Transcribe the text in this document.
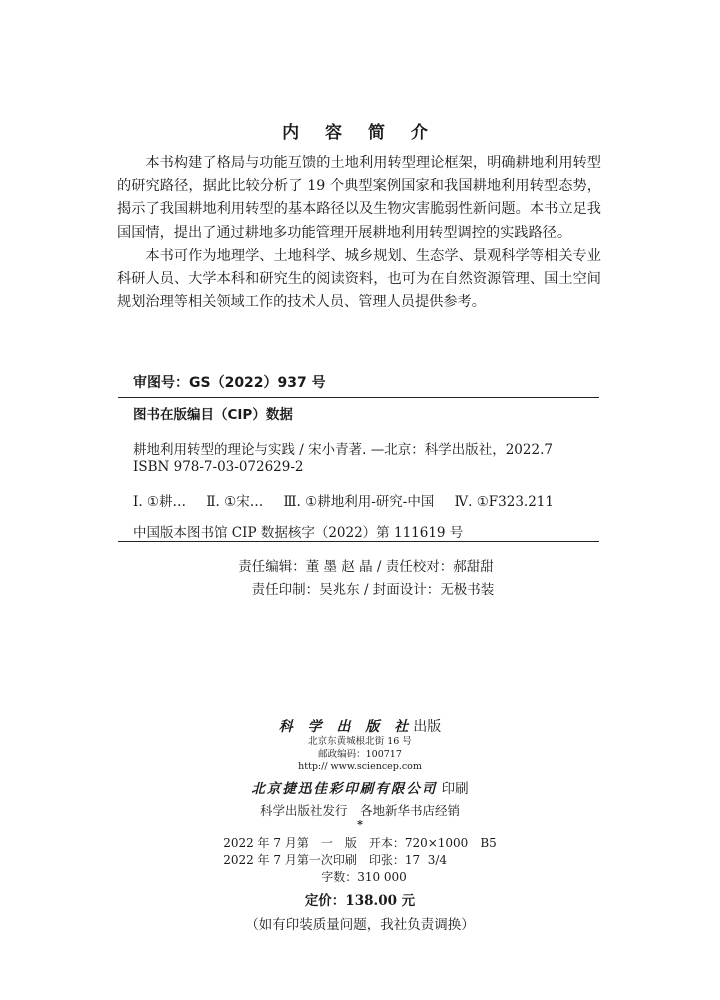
内 容 简 介

本书构建了格局与功能互馈的土地利用转型理论框架，明确耕地利用转型的研究路径，据此比较分析了 19 个典型案例国家和我国耕地利用转型态势，揭示了我国耕地利用转型的基本路径以及生物灾害脆弱性新问题。本书立足我国国情，提出了通过耕地多功能管理开展耕地利用转型调控的实践路径。

本书可作为地理学、土地科学、城乡规划、生态学、景观科学等相关专业科研人员、大学本科和研究生的阅读资料，也可为在自然资源管理、国土空间规划治理等相关领域工作的技术人员、管理人员提供参考。

审图号：GS（2022）937 号
图书在版编目（CIP）数据
耕地利用转型的理论与实践 / 宋小青著. —北京：科学出版社，2022.7
ISBN 978-7-03-072629-2
Ⅰ. ①耕… Ⅱ. ①宋… Ⅲ. ①耕地利用-研究-中国 Ⅳ. ①F323.211
中国版本图书馆 CIP 数据核字（2022）第 111619 号
责任编辑：董 墨 赵 晶 / 责任校对：郝甜甜
责任印制：吴兆东 / 封面设计：无极书装
科 学 出 版 社出版
北京东黄城根北街 16 号
邮政编码：100717
http:// www.sciencep.com
北京捷迅佳彩印刷有限公司 印刷
科学出版社发行　各地新华书店经销
*
2022 年 7 月第　一　版　开本：720×1000　B5
2022 年 7 月第一次印刷　印张：17  3/4
字数：310 000
定价：138.00 元
（如有印装质量问题，我社负责调换）
